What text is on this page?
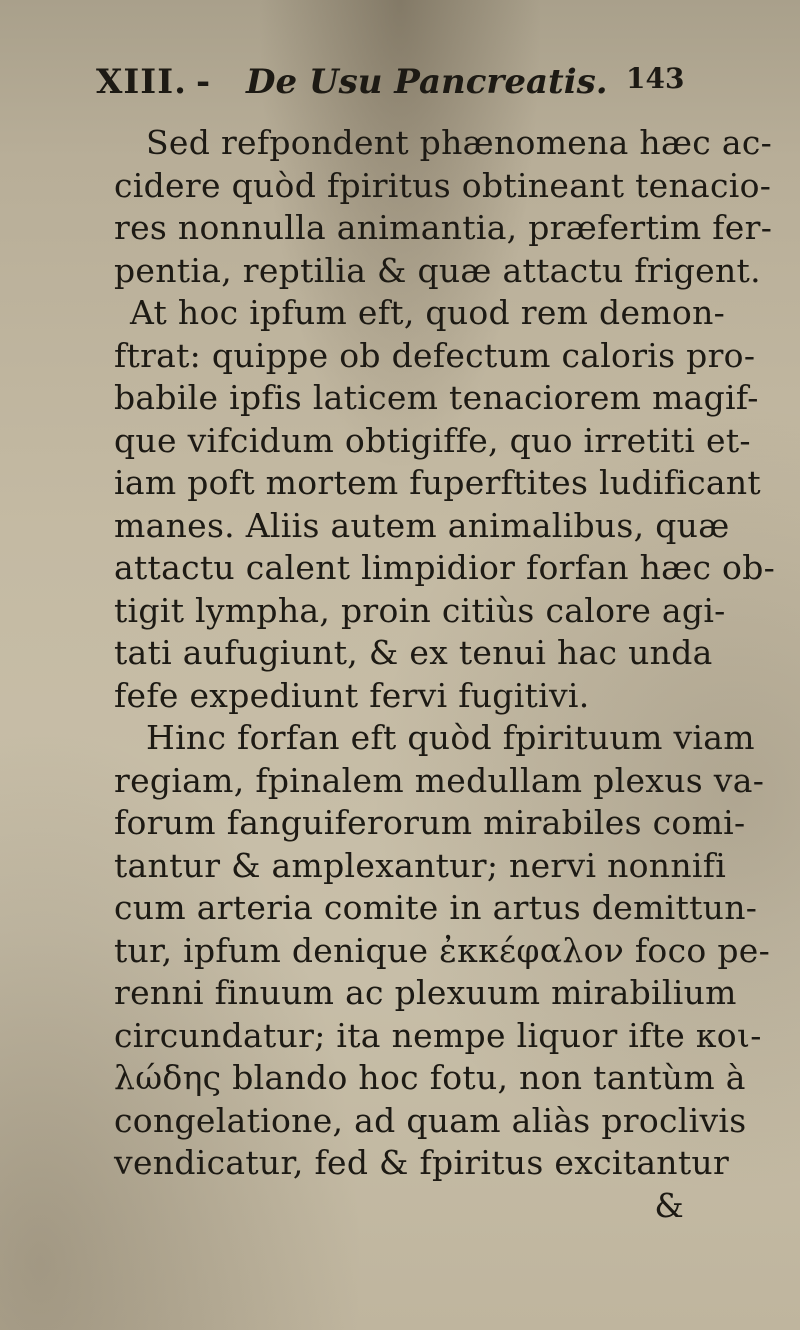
XIII. - De Usu Pancreatis. 143
Sed refpondent phænomena hæc ac-
cidere quòd fpiritus obtineant tenacio-
res nonnulla animantia, præfertim fer-
pentia, reptilia & quæ attactu frigent.
At hoc ipfum eft, quod rem demon-
ftrat: quippe ob defectum caloris pro-
babile ipfis laticem tenaciorem magif-
que vifcidum obtigiffe, quo irretiti et-
iam poft mortem fuperftites ludificant
manes. Aliis autem animalibus, quæ
attactu calent limpidior forfan hæc ob-
tigit lympha, proin citiùs calore agi-
tati aufugiunt, & ex tenui hac unda
fefe expediunt fervi fugitivi.
Hinc forfan eft quòd fpirituum viam
regiam, fpinalem medullam plexus va-
forum fanguiferorum mirabiles comi-
tantur & amplexantur; nervi nonnifi
cum arteria comite in artus demittun-
tur, ipfum denique ἐκκέφαλον foco pe-
renni finuum ac plexuum mirabilium
circundatur; ita nempe liquor ifte κοι-
λώδης blando hoc fotu, non tantùm à
congelatione, ad quam aliàs proclivis
vendicatur, fed & fpiritus excitantur
&
